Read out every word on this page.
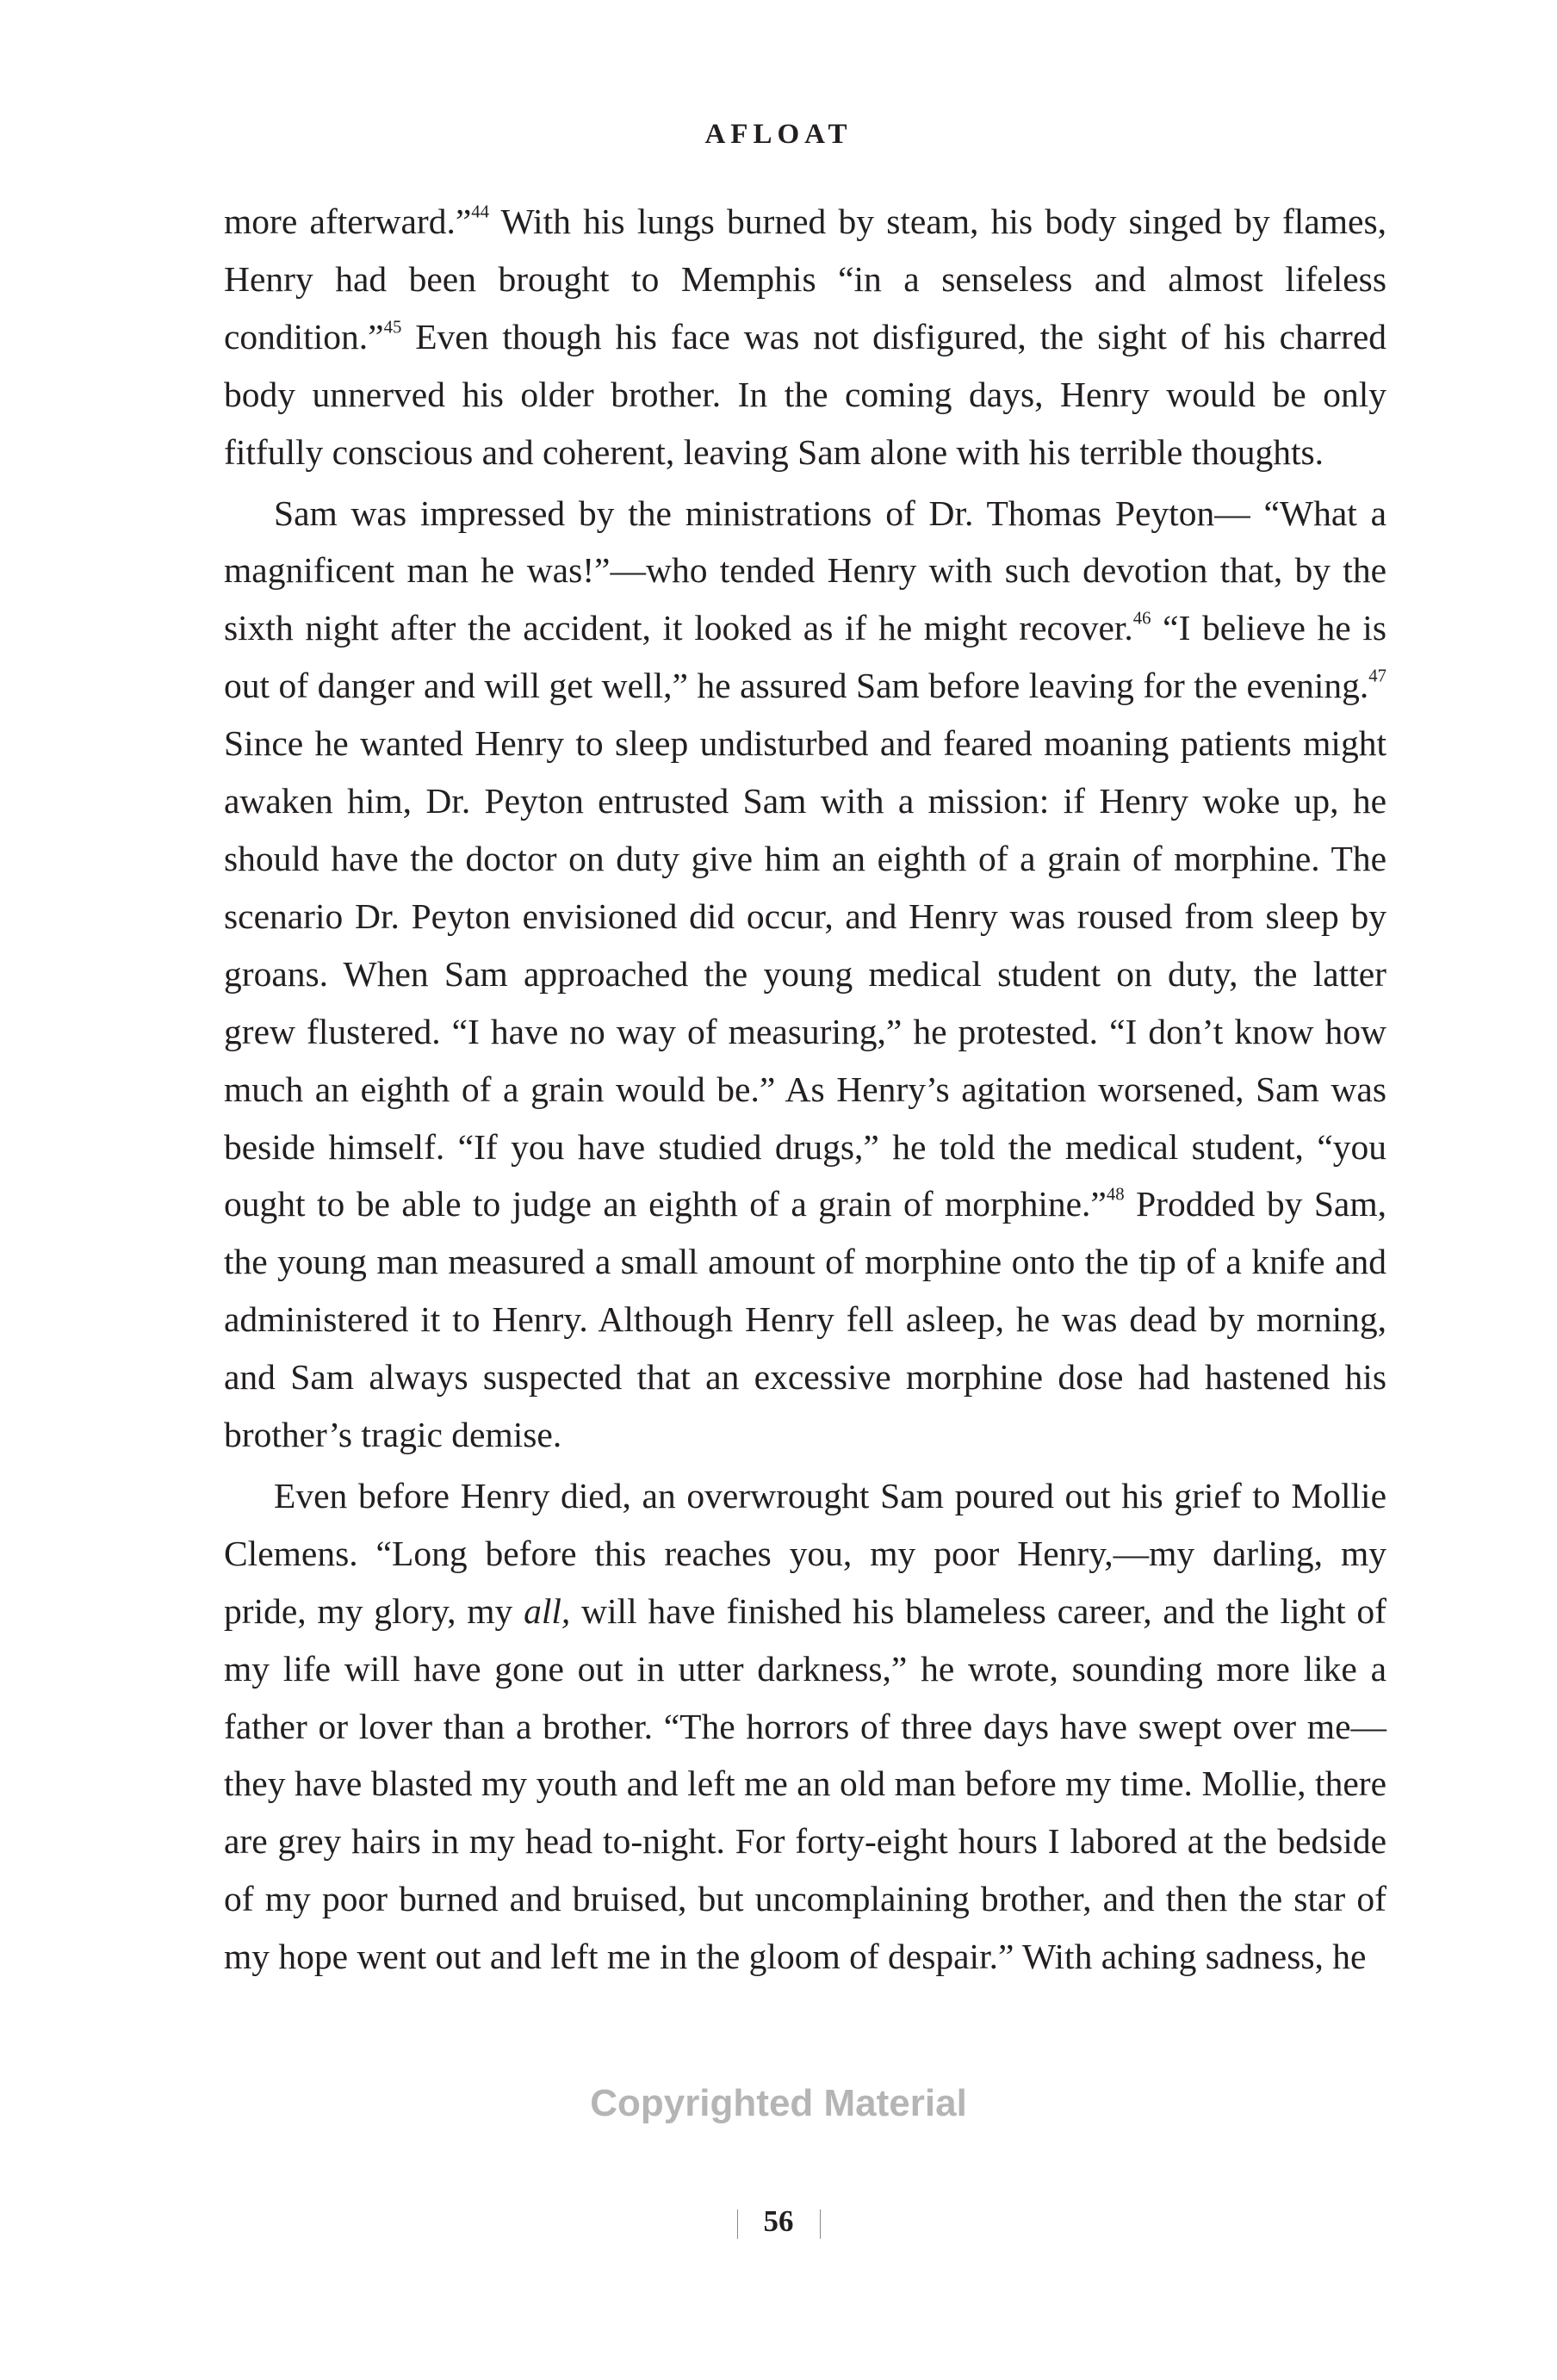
AFLOAT

more afterward.”$^{44}$ With his lungs burned by steam, his body singed by flames, Henry had been brought to Memphis “in a senseless and almost lifeless condition.”$^{45}$ Even though his face was not disfigured, the sight of his charred body unnerved his older brother. In the coming days, Henry would be only fitfully conscious and coherent, leaving Sam alone with his terrible thoughts.

Sam was impressed by the ministrations of Dr. Thomas Peyton— “What a magnificent man he was!”—who tended Henry with such devotion that, by the sixth night after the accident, it looked as if he might recover.$^{46}$ “I believe he is out of danger and will get well,” he assured Sam before leaving for the evening.$^{47}$ Since he wanted Henry to sleep undisturbed and feared moaning patients might awaken him, Dr. Peyton entrusted Sam with a mission: if Henry woke up, he should have the doctor on duty give him an eighth of a grain of morphine. The scenario Dr. Peyton envisioned did occur, and Henry was roused from sleep by groans. When Sam approached the young medical student on duty, the latter grew flustered. “I have no way of measuring,” he protested. “I don’t know how much an eighth of a grain would be.” As Henry’s agitation worsened, Sam was beside himself. “If you have studied drugs,” he told the medical student, “you ought to be able to judge an eighth of a grain of morphine.”$^{48}$ Prodded by Sam, the young man measured a small amount of morphine onto the tip of a knife and administered it to Henry. Although Henry fell asleep, he was dead by morning, and Sam always suspected that an excessive morphine dose had hastened his brother’s tragic demise.

Even before Henry died, an overwrought Sam poured out his grief to Mollie Clemens. “Long before this reaches you, my poor Henry,—my darling, my pride, my glory, my all, will have finished his blameless career, and the light of my life will have gone out in utter darkness,” he wrote, sounding more like a father or lover than a brother. “The horrors of three days have swept over me—they have blasted my youth and left me an old man before my time. Mollie, there are grey hairs in my head to-night. For forty-eight hours I labored at the bedside of my poor burned and bruised, but uncomplaining brother, and then the star of my hope went out and left me in the gloom of despair.” With aching sadness, he

Copyrighted Material
56
